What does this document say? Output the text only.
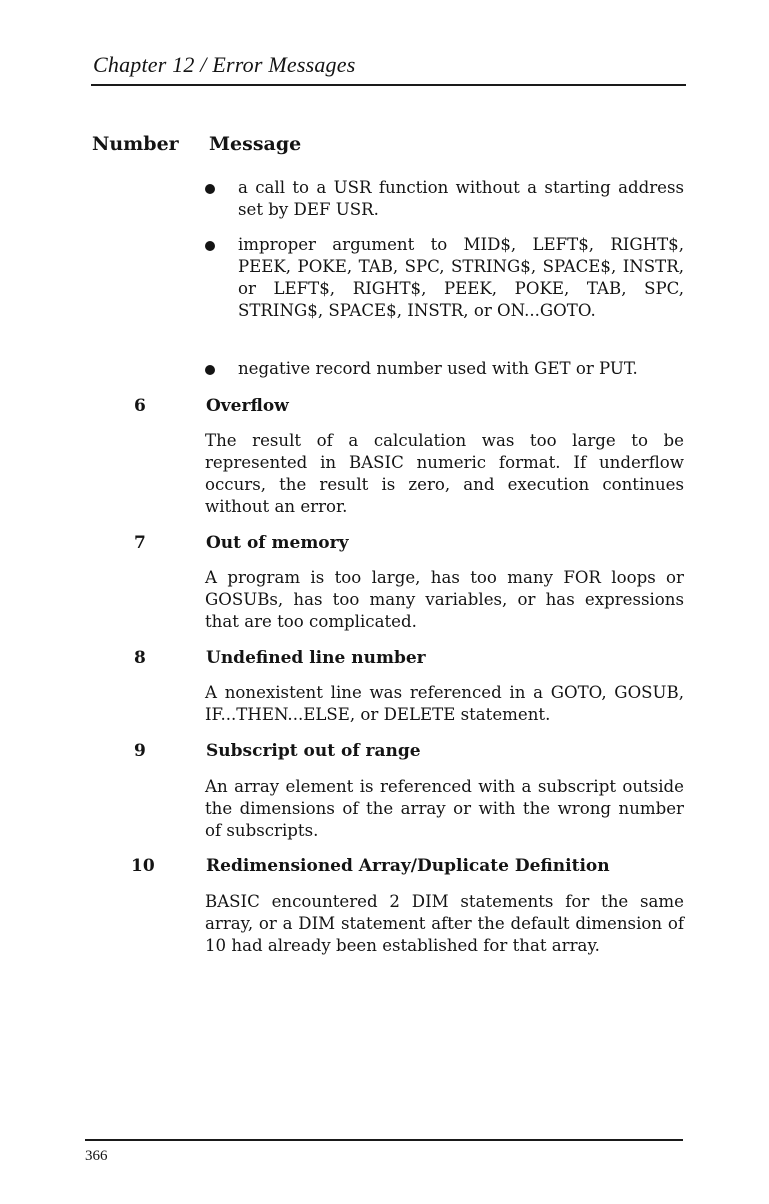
Chapter 12 / Error Messages
Number Message
a call to a USR function without a starting address set by DEF USR.
improper argument to MID$, LEFT$, RIGHT$, PEEK, POKE, TAB, SPC, STRING$, SPACE$, INSTR, or LEFT$, RIGHT$, PEEK, POKE, TAB, SPC, STRING$, SPACE$, INSTR, or ON...GOTO.
negative record number used with GET or PUT.
6	Overflow
The result of a calculation was too large to be represented in BASIC numeric format. If underflow occurs, the result is zero, and execution continues without an error.
7	Out of memory
A program is too large, has too many FOR loops or GOSUBs, has too many variables, or has expressions that are too complicated.
8	Undefined line number
A nonexistent line was referenced in a GOTO, GOSUB, IF...THEN...ELSE, or DELETE statement.
9	Subscript out of range
An array element is referenced with a subscript outside the dimensions of the array or with the wrong number of subscripts.
10	Redimensioned Array/Duplicate Definition
BASIC encountered 2 DIM statements for the same array, or a DIM statement after the default dimension of 10 had already been established for that array.
366
